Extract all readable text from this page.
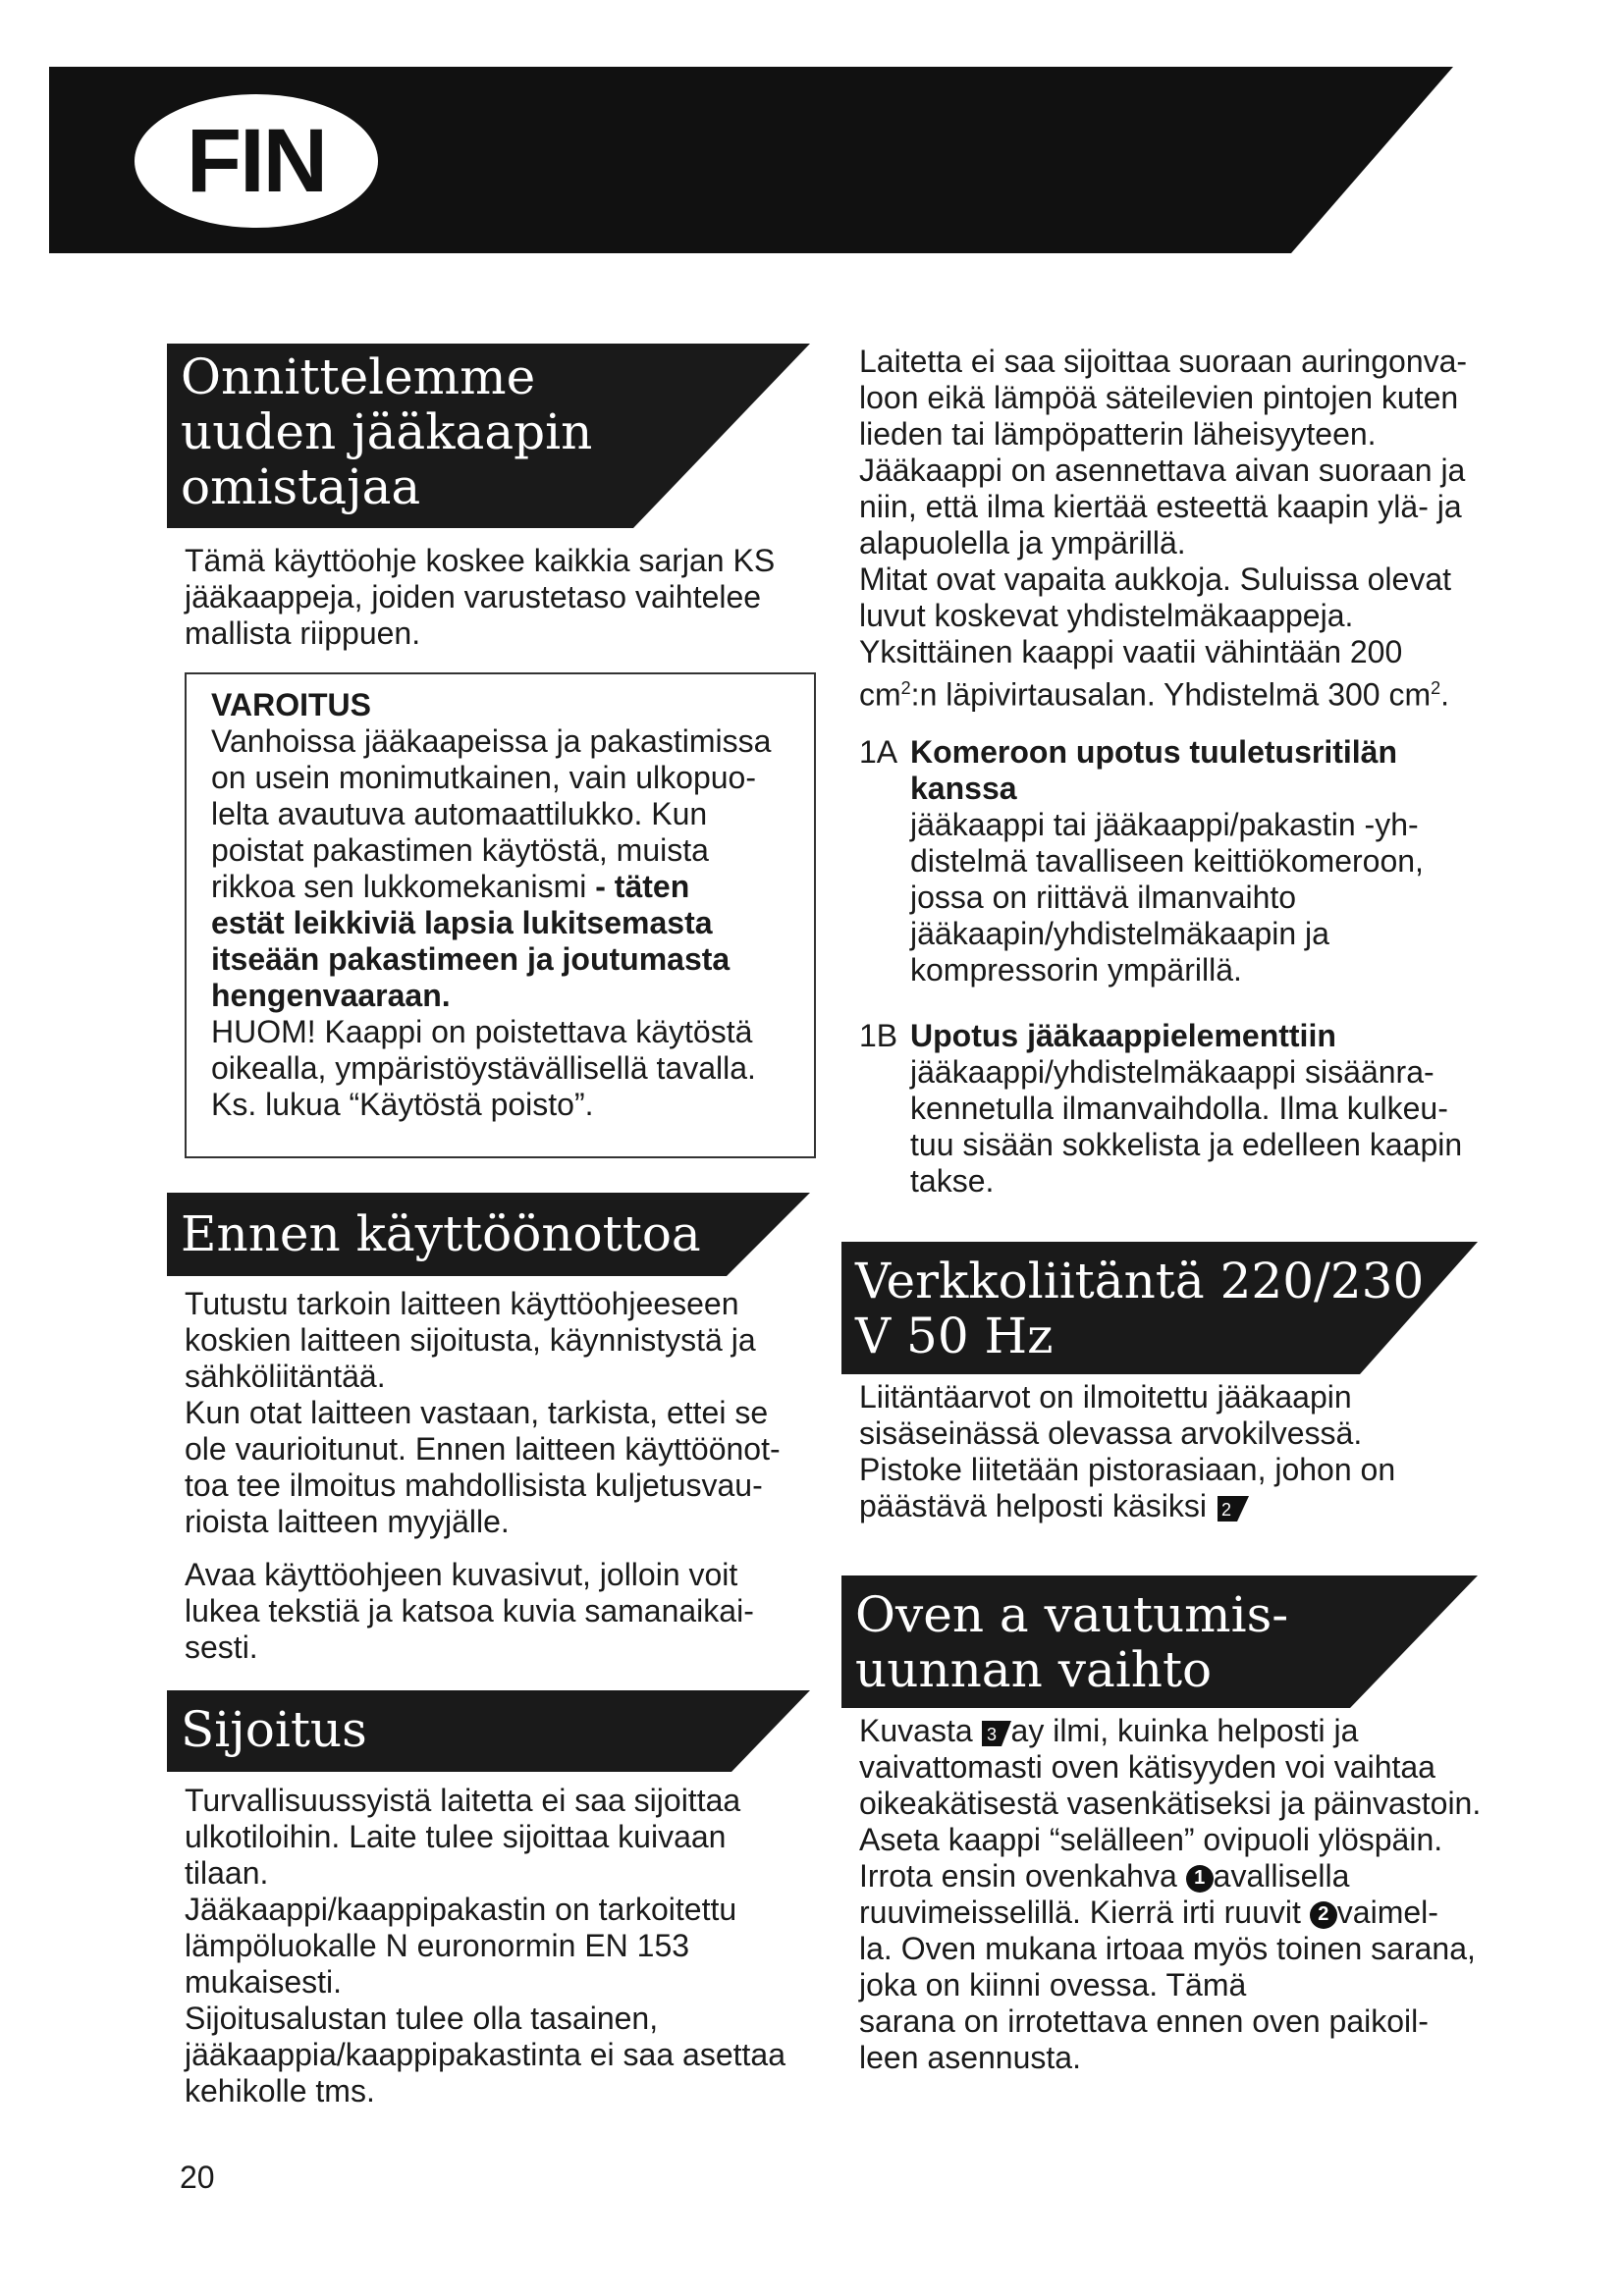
FIN
Onnittelemme
uuden jääkaapin
omistajaa

Tämä käyttöohje koskee kaikkia sarjan KS
jääkaappeja, joiden varustetaso vaihtelee
mallista riippuen.

VAROITUS

Vanhoissa jääkaapeissa ja pakastimissa
on usein monimutkainen, vain ulkopuo-
lelta avautuva automaattilukko. Kun
poistat pakastimen käytöstä, muista
rikkoa sen lukkomekanismi - täten
estät leikkiviä lapsia lukitsemasta
itseään pakastimeen ja joutumasta
hengenvaaraan.

HUOM! Kaappi on poistettava käytöstä
oikealla, ympäristöystävällisellä tavalla.
Ks. lukua “Käytöstä poisto”.

Ennen käyttöönottoa

Tutustu tarkoin laitteen käyttöohjeeseen
koskien laitteen sijoitusta, käynnistystä ja
sähköliitäntää.
Kun otat laitteen vastaan, tarkista, ettei se
ole vaurioitunut. Ennen laitteen käyttöönot-
toa tee ilmoitus mahdollisista kuljetusvau-
rioista laitteen myyjälle.

Avaa käyttöohjeen kuvasivut, jolloin voit
lukea tekstiä ja katsoa kuvia samanaikai-
sesti.

Sijoitus

Turvallisuussyistä laitetta ei saa sijoittaa
ulkotiloihin. Laite tulee sijoittaa kuivaan
tilaan.
Jääkaappi/kaappipakastin on tarkoitettu
lämpöluokalle N euronormin EN 153
mukaisesti.
Sijoitusalustan tulee olla tasainen,
jääkaappia/kaappipakastinta ei saa asettaa
kehikolle tms.

Laitetta ei saa sijoittaa suoraan auringonva-
loon eikä lämpöä säteilevien pintojen kuten
lieden tai lämpöpatterin läheisyyteen.
Jääkaappi on asennettava aivan suoraan ja
niin, että ilma kiertää esteettä kaapin ylä- ja
alapuolella ja ympärillä.
Mitat ovat vapaita aukkoja. Suluissa olevat
luvut koskevat yhdistelmäkaappeja.
Yksittäinen kaappi vaatii vähintään 200

$cm^2:n$ läpivirtausalan. Yhdistelmä 300 $cm^2$.

1A Komeroon upotus tuuletusritilän
kanssa
jääkaappi tai jääkaappi/pakastin -yh-
distelmä tavalliseen keittiökomeroon,
jossa on riittävä ilmanvaihto
jääkaapin/yhdistelmäkaapin ja
kompressorin ympärillä.
1B Upotus jääkaappielementtiin
jääkaappi/yhdistelmäkaappi sisäänra-
kennetulla ilmanvaihdolla. Ilma kulkeu-
tuu sisään sokkelista ja edelleen kaapin
takse.
Verkkoliitäntä 220/230
V 50 Hz

Liitäntäarvot on ilmoitettu jääkaapin
sisäseinässä olevassa arvokilvessä.
Pistoke liitetään pistorasiaan, johon on
päästävä helposti käsiksi 2

Oven a vautumis-
uunnan vaihto

Kuvasta 3 ay ilmi, kuinka helposti ja
vaivattomasti oven kätisyyden voi vaihtaa
oikeakätisestä vasenkätiseksi ja päinvastoin.

Aseta kaappi “selälleen” ovipuoli ylöspäin.
Irrota ensin ovenkahva 1 avallisella
ruuvimeisselillä. Kierrä irti ruuvit 2 vaimel-
la. Oven mukana irtoaa myös toinen sarana,
joka on kiinni ovessa. Tämä
sarana on irrotettava ennen oven paikoil-
leen asennusta.

20
